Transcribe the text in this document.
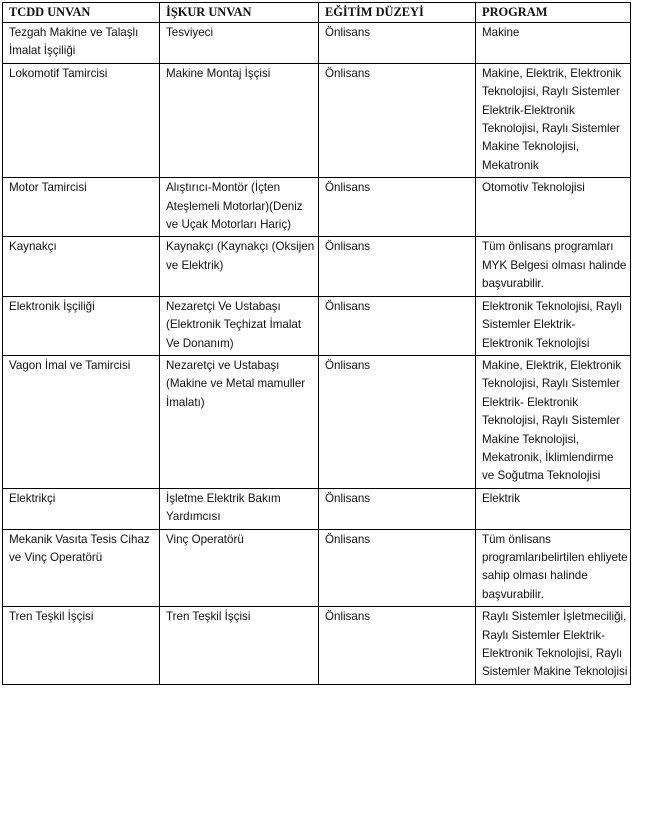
TCDD UNVAN	İŞKUR UNVAN	EĞİTİM DÜZEYİ	PROGRAM
Tezgah Makine ve Talaşlı İmalat İşçiliği	Tesviyeci	Önlisans	Makine
Lokomotif Tamircisi	Makine Montaj İşçisi	Önlisans	Makine, Elektrik, Elektronik Teknolojisi, Raylı Sistemler Elektrik-Elektronik Teknolojisi, Raylı Sistemler Makine Teknolojisi, Mekatronik
Motor Tamircisi	Alıştırıcı-Montör (İçten Ateşlemeli Motorlar)(Deniz ve Uçak Motorları Hariç)	Önlisans	Otomotiv Teknolojisi
Kaynakçı	Kaynakçı (Kaynakçı (Oksijen ve Elektrik)	Önlisans	Tüm önlisans programları MYK Belgesi olması halinde başvurabilir.
Elektronik İşçiliği	Nezaretçi Ve Ustabaşı (Elektronik Teçhizat İmalat Ve Donanım)	Önlisans	Elektronik Teknolojisi, Raylı Sistemler Elektrik- Elektronik Teknolojisi
Vagon İmal ve Tamircisi	Nezaretçi ve Ustabaşı (Makine ve Metal mamuller İmalatı)	Önlisans	Makine, Elektrik, Elektronik Teknolojisi, Raylı Sistemler Elektrik- Elektronik Teknolojisi, Raylı Sistemler Makine Teknolojisi, Mekatronik, İklimlendirme ve Soğutma Teknolojisi
Elektrikçi	İşletme Elektrik Bakım Yardımcısı	Önlisans	Elektrik
Mekanik Vasıta Tesis Cihaz ve Vinç Operatörü	Vinç Operatörü	Önlisans	Tüm önlisans programlarıbelirtilen ehliyete sahip olması halinde başvurabilir.
Tren Teşkil İşçisi	Tren Teşkil İşçisi	Önlisans	Raylı Sistemler İşletmeciliği, Raylı Sistemler Elektrik- Elektronik Teknolojisi, Raylı Sistemler Makine Teknolojisi
